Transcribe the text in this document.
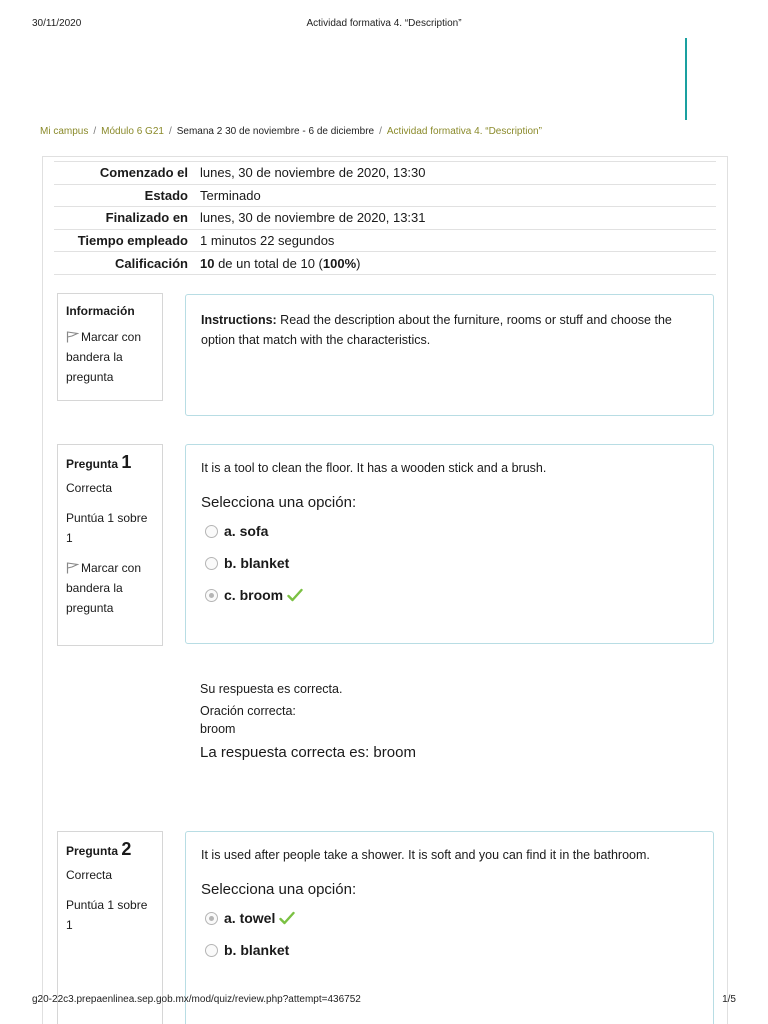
30/11/2020	Actividad formativa 4. “Description”
Mi campus / Módulo 6 G21 / Semana 2 30 de noviembre - 6 de diciembre / Actividad formativa 4. “Description”
Comenzado el	lunes, 30 de noviembre de 2020, 13:30
Estado	Terminado
Finalizado en	lunes, 30 de noviembre de 2020, 13:31
Tiempo empleado	1 minutos 22 segundos
Calificación	10 de un total de 10 (100%)
Información
Marcar con bandera la pregunta
Instructions: Read the description about the furniture, rooms or stuff and choose the option that match with the characteristics.
Pregunta 1
Correcta
Puntúa 1 sobre 1
Marcar con bandera la pregunta
It is a tool to clean the floor. It has a wooden stick and a brush.
Selecciona una opción:
a. sofa
b. blanket
c. broom
Su respuesta es correcta.
Oración correcta:
broom
La respuesta correcta es: broom
Pregunta 2
Correcta
Puntúa 1 sobre 1
It is used after people take a shower. It is soft and you can find it in the bathroom.
Selecciona una opción:
a. towel
b. blanket
g20-22c3.prepaenlinea.sep.gob.mx/mod/quiz/review.php?attempt=436752	1/5
